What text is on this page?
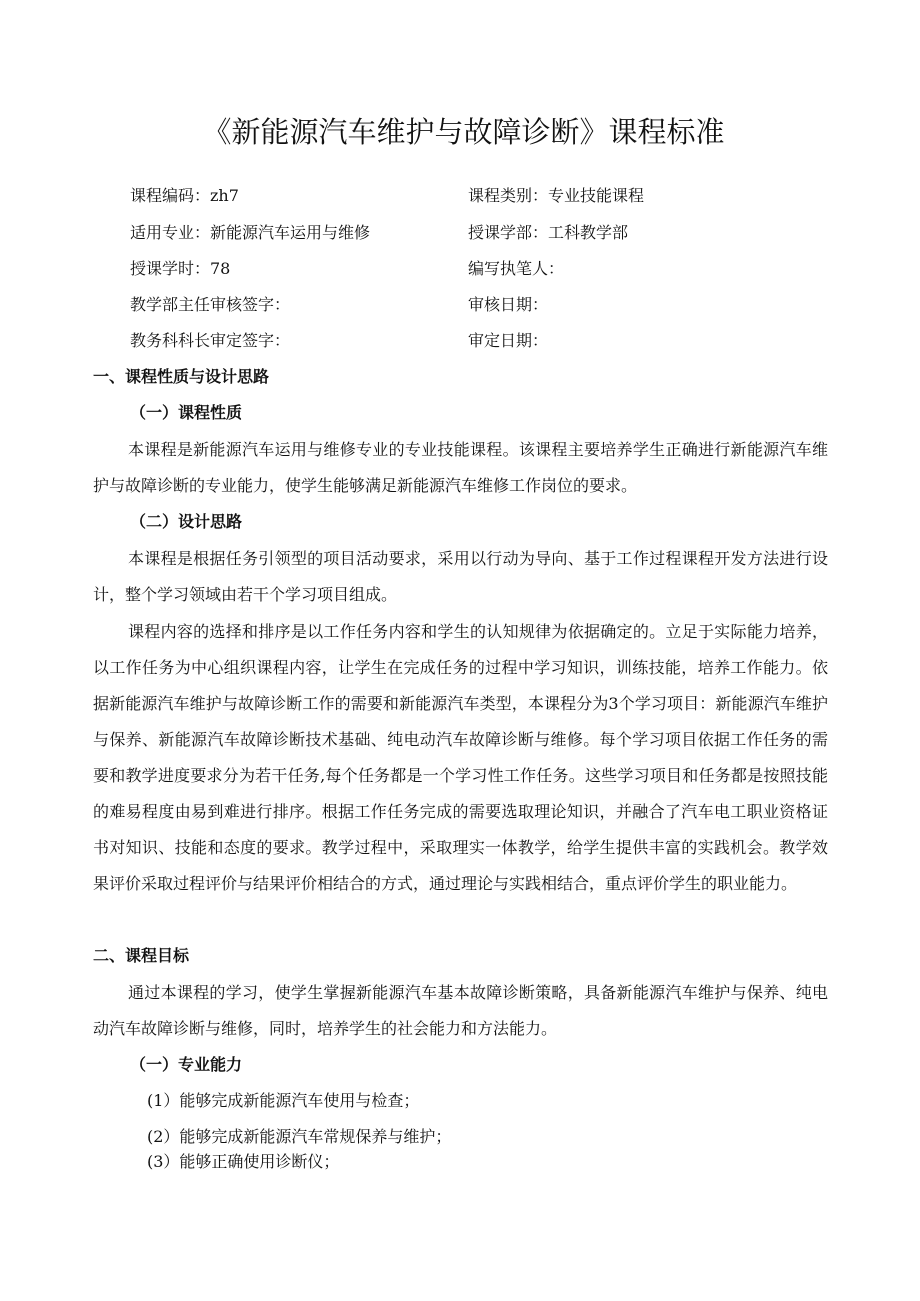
《新能源汽车维护与故障诊断》课程标准
课程编码：zh7	课程类别：专业技能课程
适用专业：新能源汽车运用与维修	授课学部：工科教学部
授课学时：78	编写执笔人：
教学部主任审核签字：	审核日期：
教务科科长审定签字：	审定日期：
一、课程性质与设计思路
（一）课程性质

本课程是新能源汽车运用与维修专业的专业技能课程。该课程主要培养学生正确进行新能源汽车维护与故障诊断的专业能力，使学生能够满足新能源汽车维修工作岗位的要求。

（二）设计思路

本课程是根据任务引领型的项目活动要求，采用以行动为导向、基于工作过程课程开发方法进行设计，整个学习领域由若干个学习项目组成。

课程内容的选择和排序是以工作任务内容和学生的认知规律为依据确定的。立足于实际能力培养，以工作任务为中心组织课程内容，让学生在完成任务的过程中学习知识，训练技能，培养工作能力。依据新能源汽车维护与故障诊断工作的需要和新能源汽车类型，本课程分为3个学习项目：新能源汽车维护与保养、新能源汽车故障诊断技术基础、纯电动汽车故障诊断与维修。每个学习项目依据工作任务的需要和教学进度要求分为若干任务,每个任务都是一个学习性工作任务。这些学习项目和任务都是按照技能的难易程度由易到难进行排序。根据工作任务完成的需要选取理论知识，并融合了汽车电工职业资格证书对知识、技能和态度的要求。教学过程中，采取理实一体教学，给学生提供丰富的实践机会。教学效果评价采取过程评价与结果评价相结合的方式，通过理论与实践相结合，重点评价学生的职业能力。

二、课程目标

通过本课程的学习，使学生掌握新能源汽车基本故障诊断策略，具备新能源汽车维护与保养、纯电动汽车故障诊断与维修，同时，培养学生的社会能力和方法能力。

（一）专业能力

(1）能够完成新能源汽车使用与检查；

(2）能够完成新能源汽车常规保养与维护；

(3）能够正确使用诊断仪；
